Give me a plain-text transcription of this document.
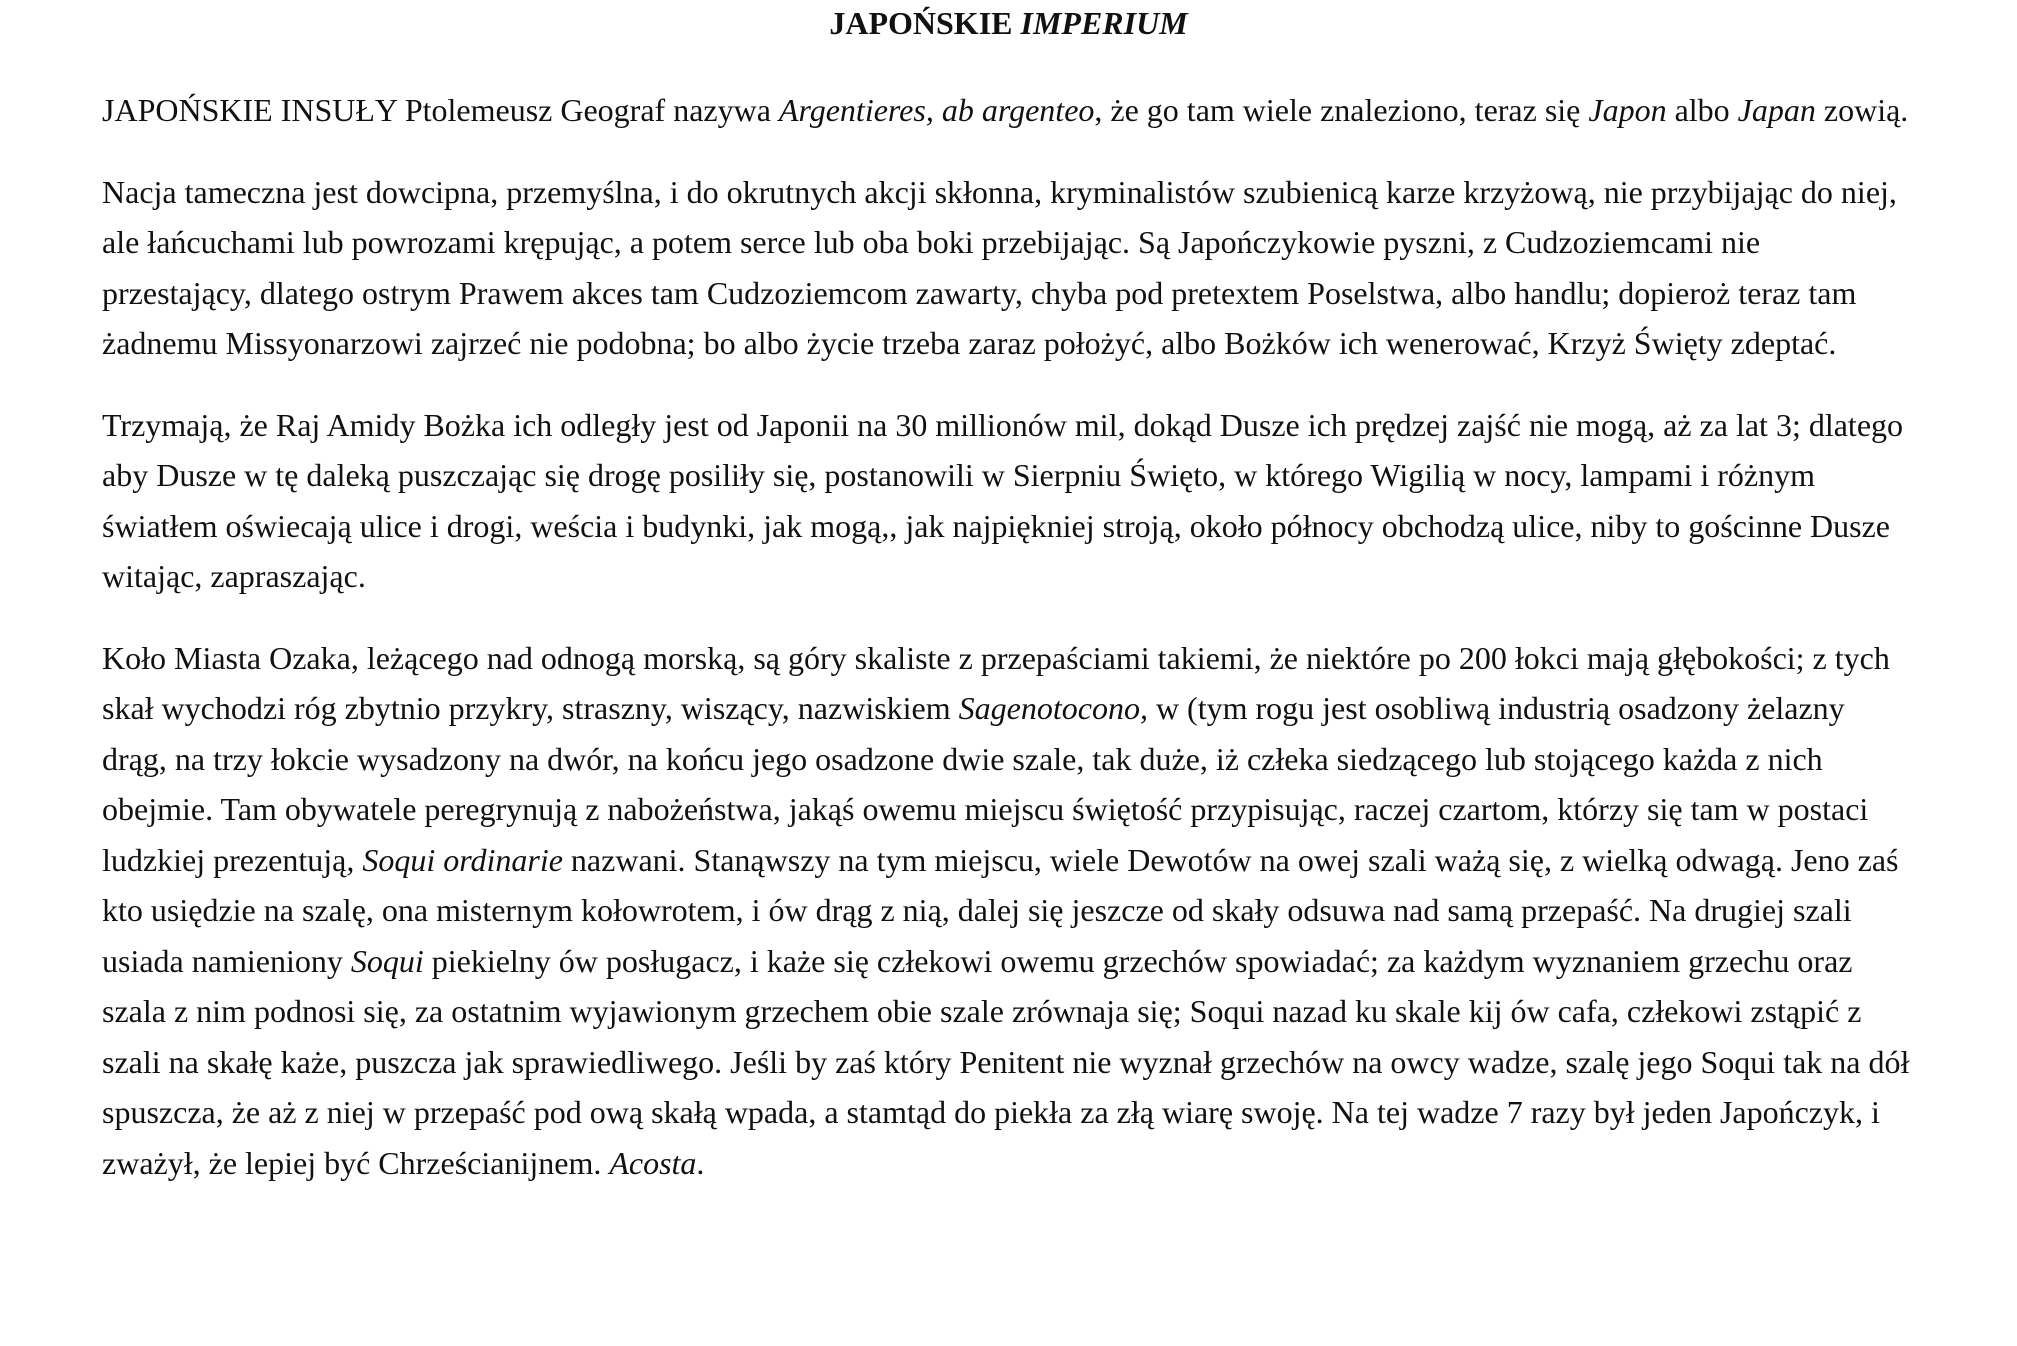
JAPOŃSKIE IMPERIUM

JAPOŃSKIE INSUŁY Ptolemeusz Geograf nazywa Argentieres, ab argenteo, że go tam wiele znaleziono, teraz się Japon albo Japan zowią.

Nacja tameczna jest dowcipna, przemyślna, i do okrutnych akcji skłonna, kryminalistów szubienicą karze krzyżową, nie przybijając do niej, ale łańcuchami lub powrozami krępując, a potem serce lub oba boki przebijając. Są Japończykowie pyszni, z Cudzoziemcami nie przestający, dlatego ostrym Prawem akces tam Cudzoziemcom zawarty, chyba pod pretextem Poselstwa, albo handlu; dopieroż teraz tam żadnemu Missyonarzowi zajrzeć nie podobna; bo albo życie trzeba zaraz położyć, albo Bożków ich wenerować, Krzyż Święty zdeptać.

Trzymają, że Raj Amidy Bożka ich odległy jest od Japonii na 30 millionów mil, dokąd Dusze ich prędzej zajść nie mogą, aż za lat 3; dlatego aby Dusze w tę daleką puszczając się drogę posiliły się, postanowili w Sierpniu Święto, w którego Wigilią w nocy, lampami i różnym światłem oświecają ulice i drogi, weścia i budynki, jak mogą,, jak najpiękniej stroją, około północy obchodzą ulice, niby to gościnne Dusze witając, zapraszając.

Koło Miasta Ozaka, leżącego nad odnogą morską, są góry skaliste z przepaściami takiemi, że niektóre po 200 łokci mają głębokości; z tych skał wychodzi róg zbytnio przykry, straszny, wiszący, nazwiskiem Sagenotocono, w (tym rogu jest osobliwą industrią osadzony żelazny drąg, na trzy łokcie wysadzony na dwór, na końcu jego osadzone dwie szale, tak duże, iż człeka siedzącego lub stojącego każda z nich obejmie. Tam obywatele peregrynują z nabożeństwa, jakąś owemu miejscu świętość przypisując, raczej czartom, którzy się tam w postaci ludzkiej prezentują, Soqui ordinarie nazwani. Stanąwszy na tym miejscu, wiele Dewotów na owej szali ważą się, z wielką odwagą. Jeno zaś kto usiędzie na szalę, ona misternym kołowrotem, i ów drąg z nią, dalej się jeszcze od skały odsuwa nad samą przepaść. Na drugiej szali usiada namieniony Soqui piekielny ów posługacz, i każe się człekowi owemu grzechów spowiadać; za każdym wyznaniem grzechu oraz szala z nim podnosi się, za ostatnim wyjawionym grzechem obie szale zrównaja się; Soqui nazad ku skale kij ów cafa, człekowi zstąpić z szali na skałę każe, puszcza jak sprawiedliwego. Jeśli by zaś który Penitent nie wyznał grzechów na owcy wadze, szalę jego Soqui tak na dół spuszcza, że aż z niej w przepaść pod ową skałą wpada, a stamtąd do piekła za złą wiarę swoję. Na tej wadze 7 razy był jeden Japończyk, i zważył, że lepiej być Chrześcianijnem. Acosta.
